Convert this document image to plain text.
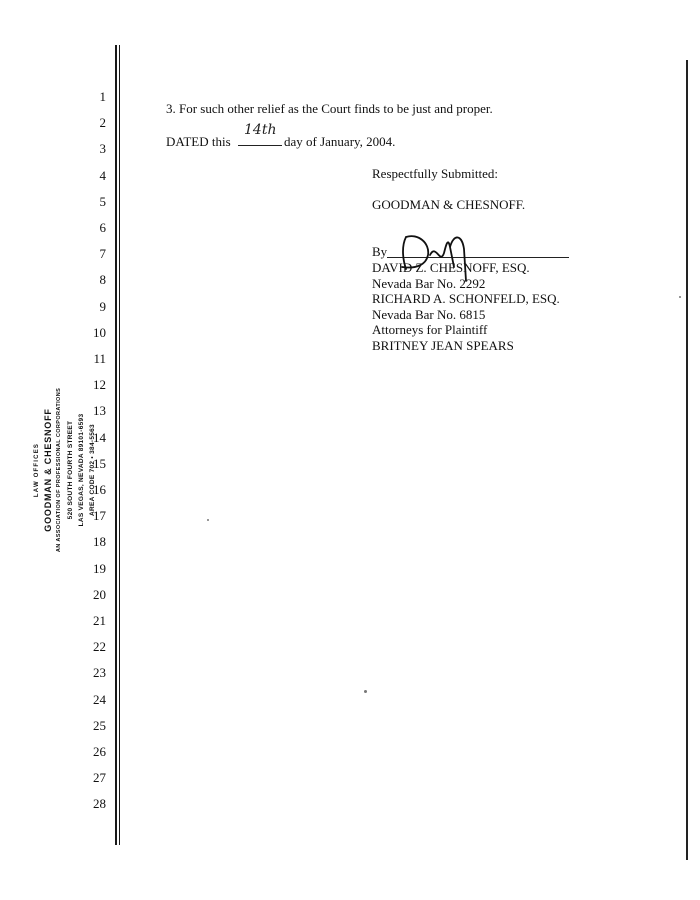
1
2
3
4
5
6
7
8
9
10
11
12
13
14
15
16
17
18
19
20
21
22
23
24
25
26
27
28
LAW OFFICES GOODMAN & CHESNOFF AN ASSOCIATION OF PROFESSIONAL CORPORATIONS 520 SOUTH FOURTH STREET LAS VEGAS, NEVADA 89101-6593 AREA CODE 702 • 384-5563
3. For such other relief as the Court finds to be just and proper.
DATED this
14th
day of January, 2004.
Respectfully Submitted:
GOODMAN & CHESNOFF.
By
DAVID Z. CHESNOFF, ESQ.
Nevada Bar No. 2292
RICHARD A. SCHONFELD, ESQ.
Nevada Bar No. 6815
Attorneys for Plaintiff
BRITNEY JEAN SPEARS
